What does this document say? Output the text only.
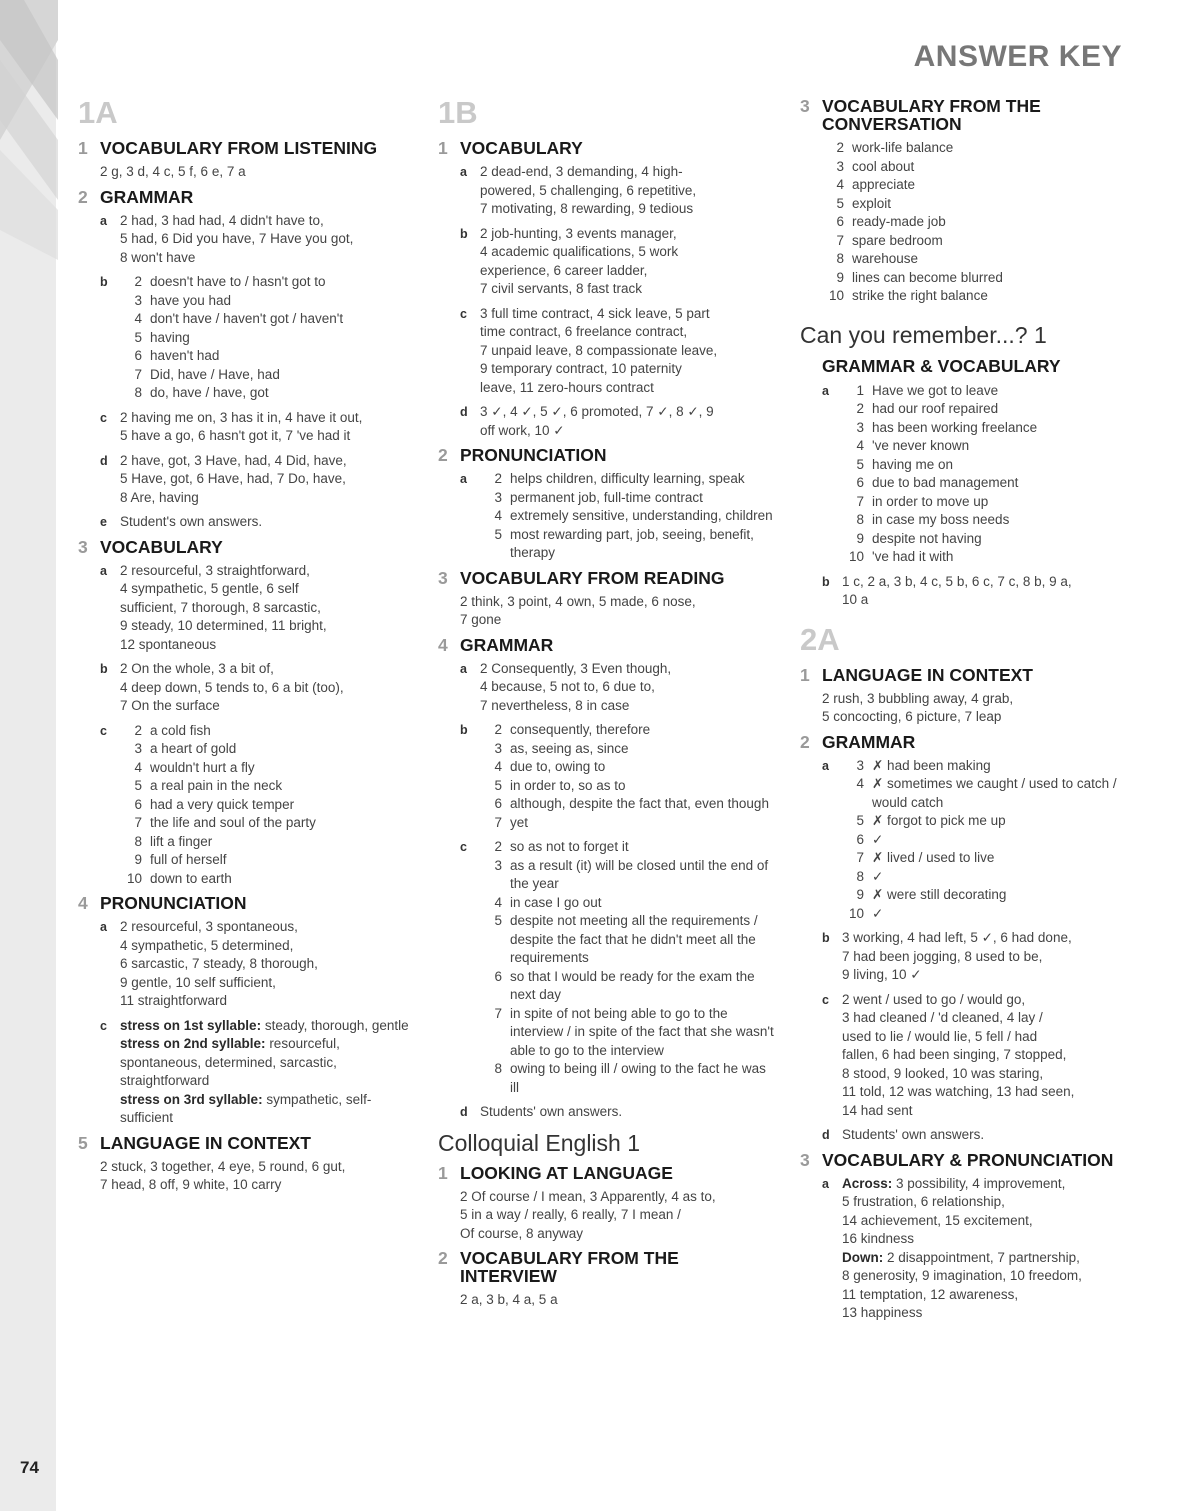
74
ANSWER KEY
1A
1 VOCABULARY FROM LISTENING
2 g, 3 d, 4 c, 5 f, 6 e, 7 a
2 GRAMMAR
a 2 had, 3 had had, 4 didn't have to,
5 had, 6 Did you have, 7 Have you got,
8 won't have
b	2 doesn't have to / hasn't got to
3 have you had
4 don't have / haven't got / haven't
5 having
6 haven't had
7 Did, have / Have, had
8 do, have / have, got
c 2 having me on, 3 has it in, 4 have it out,
5 have a go, 6 hasn't got it, 7 've had it
d 2 have, got, 3 Have, had, 4 Did, have,
5 Have, got, 6 Have, had, 7 Do, have,
8 Are, having
e Student's own answers.
3 VOCABULARY
a 2 resourceful, 3 straightforward,
4 sympathetic, 5 gentle, 6 self
sufficient, 7 thorough, 8 sarcastic,
9 steady, 10 determined, 11 bright,
12 spontaneous
b 2 On the whole, 3 a bit of,
4 deep down, 5 tends to, 6 a bit (too),
7 On the surface
c	2 a cold fish
3 a heart of gold
4 wouldn't hurt a fly
5 a real pain in the neck
6 had a very quick temper
7 the life and soul of the party
8 lift a finger
9 full of herself
10 down to earth
4 PRONUNCIATION
a 2 resourceful, 3 spontaneous,
4 sympathetic, 5 determined,
6 sarcastic, 7 steady, 8 thorough,
9 gentle, 10 self sufficient,
11 straightforward
c stress on 1st syllable: steady, thorough, gentle
stress on 2nd syllable: resourceful, spontaneous, determined, sarcastic, straightforward
stress on 3rd syllable: sympathetic, self-sufficient
5 LANGUAGE IN CONTEXT
2 stuck, 3 together, 4 eye, 5 round, 6 gut,
7 head, 8 off, 9 white, 10 carry
1B
1 VOCABULARY
a 2 dead-end, 3 demanding, 4 high-
powered, 5 challenging, 6 repetitive,
7 motivating, 8 rewarding, 9 tedious
b 2 job-hunting, 3 events manager,
4 academic qualifications, 5 work
experience, 6 career ladder,
7 civil servants, 8 fast track
c 3 full time contract, 4 sick leave, 5 part
time contract, 6 freelance contract,
7 unpaid leave, 8 compassionate leave,
9 temporary contract, 10 paternity
leave, 11 zero-hours contract
d 3 ✓, 4 ✓, 5 ✓, 6 promoted, 7 ✓, 8 ✓, 9
off work, 10 ✓
2 PRONUNCIATION
a	2 helps children, difficulty learning, speak
3 permanent job, full-time contract
4 extremely sensitive, understanding, children
5 most rewarding part, job, seeing, benefit, therapy
3 VOCABULARY FROM READING
2 think, 3 point, 4 own, 5 made, 6 nose,
7 gone
4 GRAMMAR
a 2 Consequently, 3 Even though,
4 because, 5 not to, 6 due to,
7 nevertheless, 8 in case
b	2 consequently, therefore
3 as, seeing as, since
4 due to, owing to
5 in order to, so as to
6 although, despite the fact that, even though
7 yet
c	2 so as not to forget it
3 as a result (it) will be closed until the end of the year
4 in case I go out
5 despite not meeting all the requirements / despite the fact that he didn't meet all the requirements
6 so that I would be ready for the exam the next day
7 in spite of not being able to go to the interview / in spite of the fact that she wasn't able to go to the interview
8 owing to being ill / owing to the fact he was ill
d Students' own answers.
Colloquial English 1
1 LOOKING AT LANGUAGE
2 Of course / I mean, 3 Apparently, 4 as to,
5 in a way / really, 6 really, 7 I mean /
Of course, 8 anyway
2 VOCABULARY FROM THE INTERVIEW
2 a, 3 b, 4 a, 5 a
3 VOCABULARY FROM THE CONVERSATION
2 work-life balance
3 cool about
4 appreciate
5 exploit
6 ready-made job
7 spare bedroom
8 warehouse
9 lines can become blurred
10 strike the right balance
Can you remember...? 1
GRAMMAR & VOCABULARY
a	1 Have we got to leave
2 had our roof repaired
3 has been working freelance
4 've never known
5 having me on
6 due to bad management
7 in order to move up
8 in case my boss needs
9 despite not having
10 've had it with
b 1 c, 2 a, 3 b, 4 c, 5 b, 6 c, 7 c, 8 b, 9 a,
10 a
2A
1 LANGUAGE IN CONTEXT
2 rush, 3 bubbling away, 4 grab,
5 concocting, 6 picture, 7 leap
2 GRAMMAR
a	3 ✗ had been making
4 ✗ sometimes we caught / used to catch / would catch
5 ✗ forgot to pick me up
6 ✓
7 ✗ lived / used to live
8 ✓
9 ✗ were still decorating
10 ✓
b 3 working, 4 had left, 5 ✓, 6 had done,
7 had been jogging, 8 used to be,
9 living, 10 ✓
c 2 went / used to go / would go,
3 had cleaned / 'd cleaned, 4 lay /
used to lie / would lie, 5 fell / had
fallen, 6 had been singing, 7 stopped,
8 stood, 9 looked, 10 was staring,
11 told, 12 was watching, 13 had seen,
14 had sent
d Students' own answers.
3 VOCABULARY & PRONUNCIATION
a Across: 3 possibility, 4 improvement,
5 frustration, 6 relationship,
14 achievement, 15 excitement,
16 kindness
Down: 2 disappointment, 7 partnership,
8 generosity, 9 imagination, 10 freedom,
11 temptation, 12 awareness,
13 happiness
